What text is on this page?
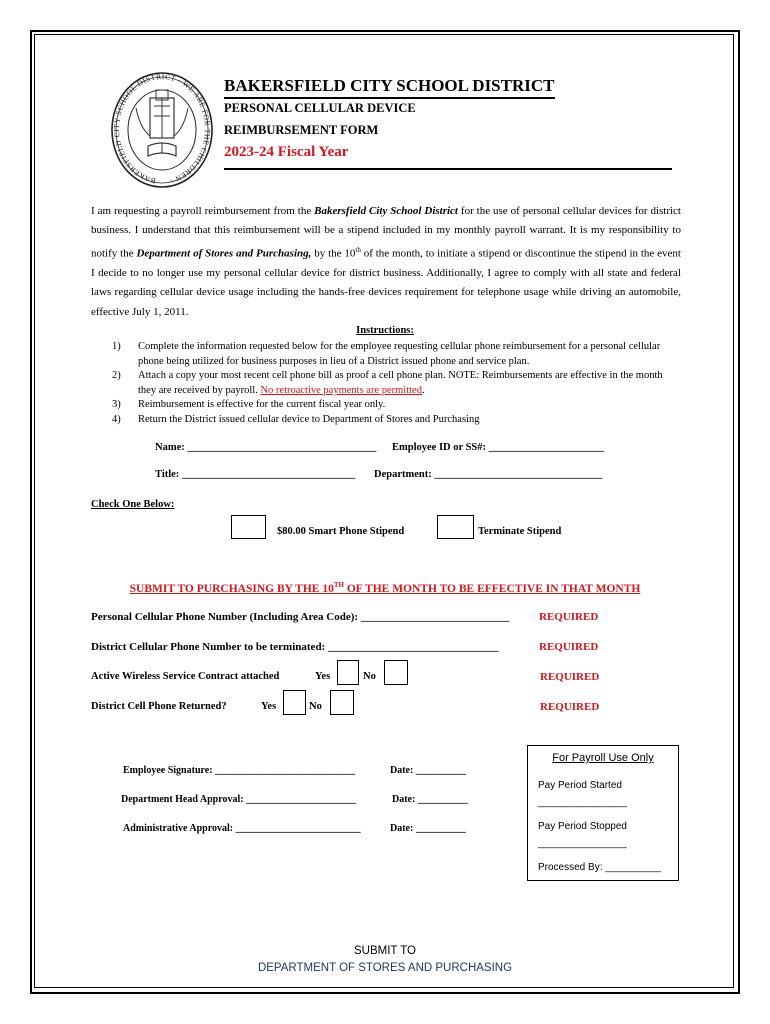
BAKERSFIELD CITY SCHOOL DISTRICT · WE ARE FOR THE CHILDREN ·
BAKERSFIELD CITY SCHOOL DISTRICT
PERSONAL CELLULAR DEVICE
REIMBURSEMENT FORM
2023-24 Fiscal Year
I am requesting a payroll reimbursement from the Bakersfield City School District for the use of personal cellular devices for district business. I understand that this reimbursement will be a stipend included in my monthly payroll warrant. It is my responsibility to notify the Department of Stores and Purchasing, by the 10th of the month, to initiate a stipend or discontinue the stipend in the event I decide to no longer use my personal cellular device for district business. Additionally, I agree to comply with all state and federal laws regarding cellular device usage including the hands-free devices requirement for telephone usage while driving an automobile, effective July 1, 2011.
Instructions:
1)	Complete the information requested below for the employee requesting cellular phone reimbursement for a personal cellular phone being utilized for business purposes in lieu of a District issued phone and service plan.
2)	Attach a copy your most recent cell phone bill as proof a cell phone plan. NOTE: Reimbursements are effective in the month they are received by payroll. No retroactive payments are permitted.
3)	Reimbursement is effective for the current fiscal year only.
4)	Return the District issued cellular device to Department of Stores and Purchasing
Name: ____________________________________ Employee ID or SS#: ______________________
Title: _________________________________ Department: ________________________________
Check One Below:
$80.00 Smart Phone Stipend	Terminate Stipend
SUBMIT TO PURCHASING BY THE 10TH OF THE MONTH TO BE EFFECTIVE IN THAT MONTH
Personal Cellular Phone Number (Including Area Code): ___________________________	REQUIRED
District Cellular Phone Number to be terminated: _______________________________	REQUIRED
Active Wireless Service Contract attached	Yes	No	REQUIRED
District Cell Phone Returned?	Yes	No	REQUIRED
Employee Signature: ____________________________	Date: __________
Department Head Approval: ______________________	Date: __________
Administrative Approval: _________________________	Date: __________
For Payroll Use Only
Pay Period Started
________________
Pay Period Stopped
________________
Processed By: __________
SUBMIT TO
DEPARTMENT OF STORES AND PURCHASING
